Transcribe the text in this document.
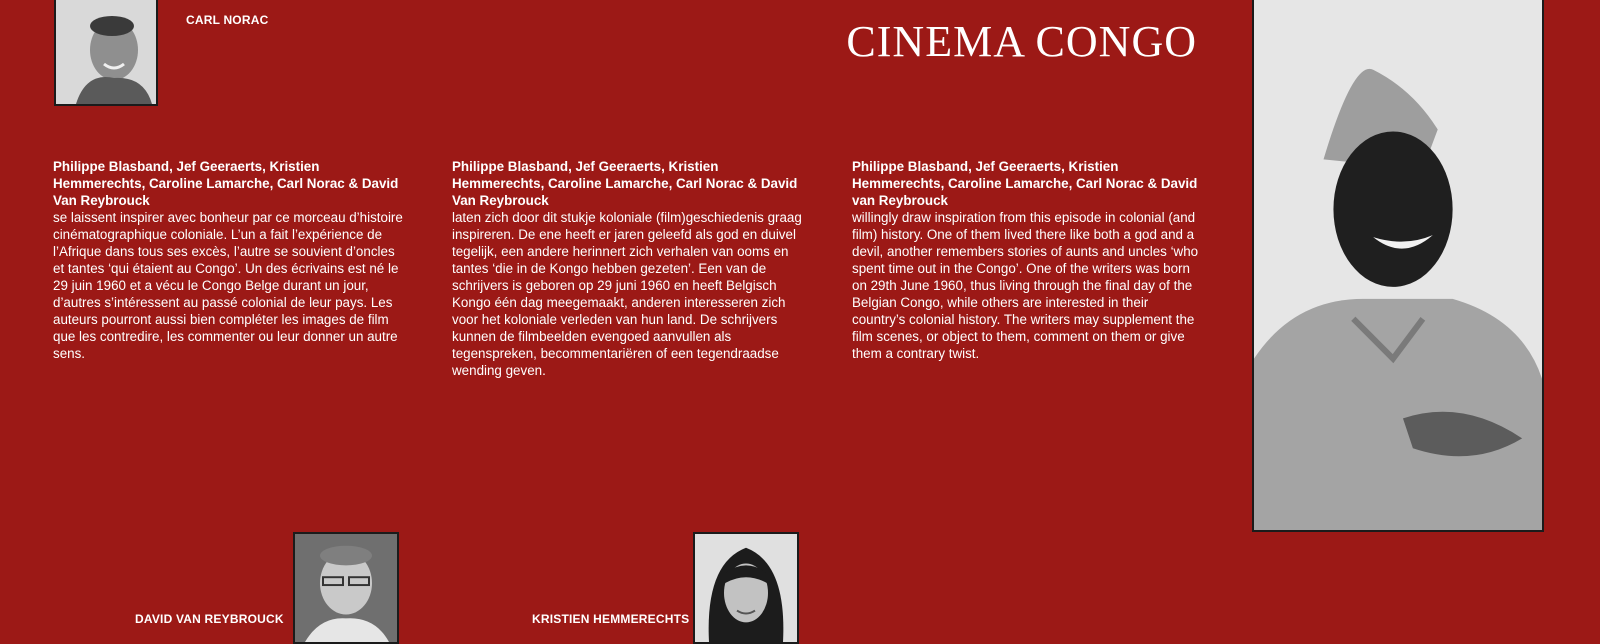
CARL NORAC	CINEMA CONGO
Philippe Blasband, Jef Geeraerts, Kristien Hemmerechts, Caroline Lamarche, Carl Norac & David Van Reybrouck
se laissent inspirer avec bonheur par ce morceau d’histoire cinématographique coloniale. L’un a fait l’expérience de l’Afrique dans tous ses excès, l’autre se souvient d’oncles et tantes ‘qui étaient au Congo’. Un des écrivains est né le 29 juin 1960 et a vécu le Congo Belge durant un jour, d’autres s’intéressent au passé colonial de leur pays. Les auteurs pourront aussi bien compléter les images de film que les contredire, les commenter ou leur donner un autre sens.
Philippe Blasband, Jef Geeraerts, Kristien Hemmerechts, Caroline Lamarche, Carl Norac & David Van Reybrouck
laten zich door dit stukje koloniale (film)geschiedenis graag inspireren. De ene heeft er jaren geleefd als god en duivel tegelijk, een andere herinnert zich verhalen van ooms en tantes ‘die in de Kongo hebben gezeten’. Een van de schrijvers is geboren op 29 juni 1960 en heeft Belgisch Kongo één dag meegemaakt, anderen interesseren zich voor het koloniale verleden van hun land. De schrijvers kunnen de filmbeelden evengoed aanvullen als tegenspreken, becommentariëren of een tegendraadse wending geven.
Philippe Blasband, Jef Geeraerts, Kristien Hemmerechts, Caroline Lamarche, Carl Norac & David van Reybrouck
willingly draw inspiration from this episode in colonial (and film) history. One of them lived there like both a god and a devil, another remembers stories of aunts and uncles ‘who spent time out in the Congo’. One of the writers was born on 29th June 1960, thus living through the final day of the Belgian Congo, while others are interested in their country’s colonial history. The writers may supplement the film scenes, or object to them, comment on them or give them a contrary twist.
DAVID VAN REYBROUCK	KRISTIEN HEMMERECHTS
